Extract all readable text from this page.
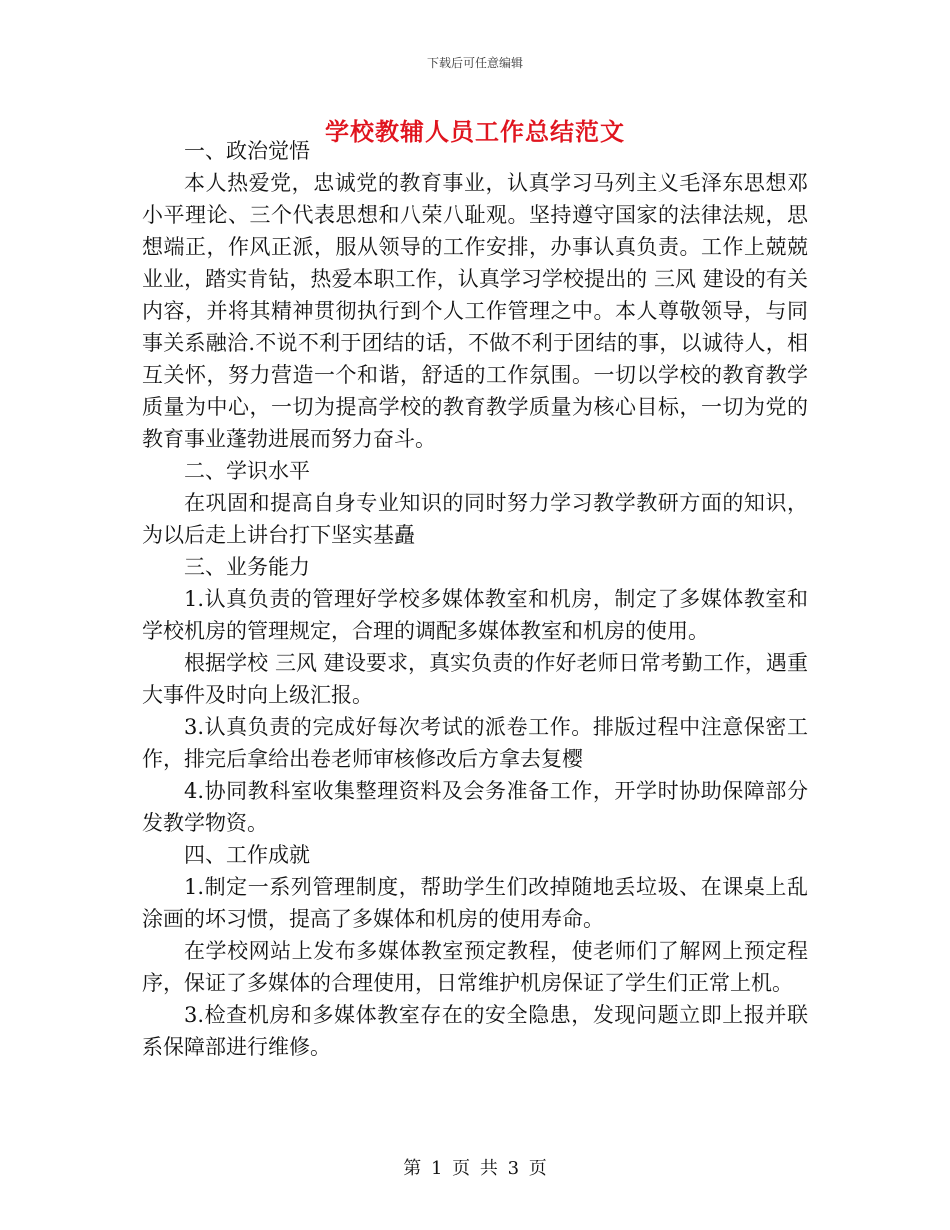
下载后可任意编辑
学校教辅人员工作总结范文

一、政治觉悟

本人热爱党，忠诚党的教育事业，认真学习马列主义毛泽东思想邓小平理论、三个代表思想和八荣八耻观。坚持遵守国家的法律法规，思想端正，作风正派，服从领导的工作安排，办事认真负责。工作上兢兢业业，踏实肯钻，热爱本职工作，认真学习学校提出的 三风 建设的有关内容，并将其精神贯彻执行到个人工作管理之中。本人尊敬领导，与同事关系融洽.不说不利于团结的话，不做不利于团结的事，以诚待人，相互关怀，努力营造一个和谐，舒适的工作氛围。一切以学校的教育教学质量为中心，一切为提高学校的教育教学质量为核心目标，一切为党的教育事业蓬勃进展而努力奋斗。

二、学识水平

在巩固和提高自身专业知识的同时努力学习教学教研方面的知识，为以后走上讲台打下坚实基矗

三、业务能力

1.认真负责的管理好学校多媒体教室和机房，制定了多媒体教室和学校机房的管理规定，合理的调配多媒体教室和机房的使用。

根据学校 三风 建设要求，真实负责的作好老师日常考勤工作，遇重大事件及时向上级汇报。

3.认真负责的完成好每次考试的派卷工作。排版过程中注意保密工作，排完后拿给出卷老师审核修改后方拿去复樱

4.协同教科室收集整理资料及会务准备工作，开学时协助保障部分发教学物资。

四、工作成就

1.制定一系列管理制度，帮助学生们改掉随地丢垃圾、在课桌上乱涂画的坏习惯，提高了多媒体和机房的使用寿命。

在学校网站上发布多媒体教室预定教程，使老师们了解网上预定程序，保证了多媒体的合理使用，日常维护机房保证了学生们正常上机。

3.检查机房和多媒体教室存在的安全隐患，发现问题立即上报并联系保障部进行维修。

第 1 页 共 3 页
